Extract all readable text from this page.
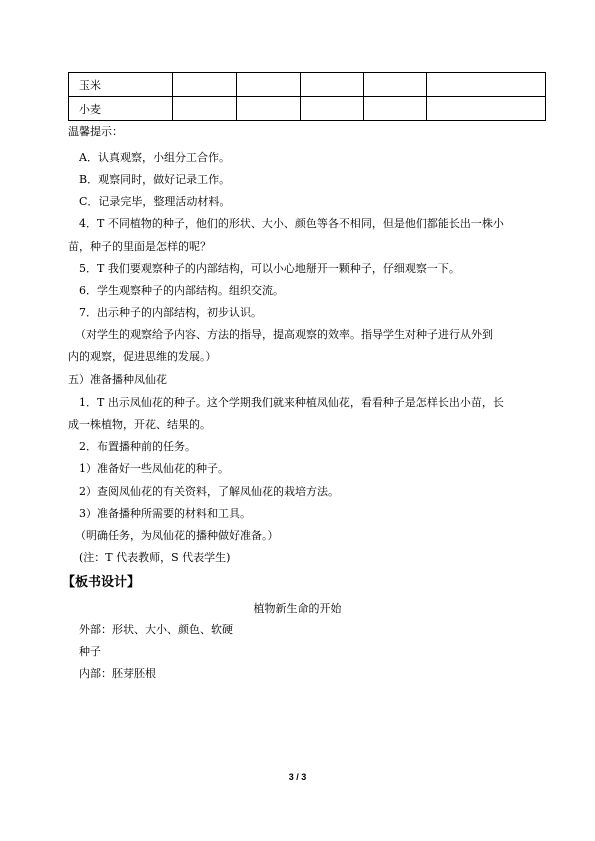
玉米					
小麦					
温馨提示：
A．认真观察，小组分工合作。
B．观察同时，做好记录工作。
C．记录完毕，整理活动材料。
4．T 不同植物的种子，他们的形状、大小、颜色等各不相同，但是他们都能长出一株小
苗，种子的里面是怎样的呢？
5．T 我们要观察种子的内部结构，可以小心地掰开一颗种子，仔细观察一下。
6．学生观察种子的内部结构。组织交流。
7．出示种子的内部结构，初步认识。
（对学生的观察给予内容、方法的指导，提高观察的效率。指导学生对种子进行从外到
内的观察，促进思维的发展。）
五）准备播种凤仙花
1．T 出示凤仙花的种子。这个学期我们就来种植凤仙花，看看种子是怎样长出小苗，长
成一株植物，开花、结果的。
2．布置播种前的任务。
1）准备好一些凤仙花的种子。
2）查阅凤仙花的有关资料，了解凤仙花的栽培方法。
3）准备播种所需要的材料和工具。
（明确任务，为凤仙花的播种做好准备。）
(注：T 代表教师，S 代表学生)
【板书设计】
植物新生命的开始
外部：形状、大小、颜色、软硬
种子
内部：胚芽胚根
3 / 3
